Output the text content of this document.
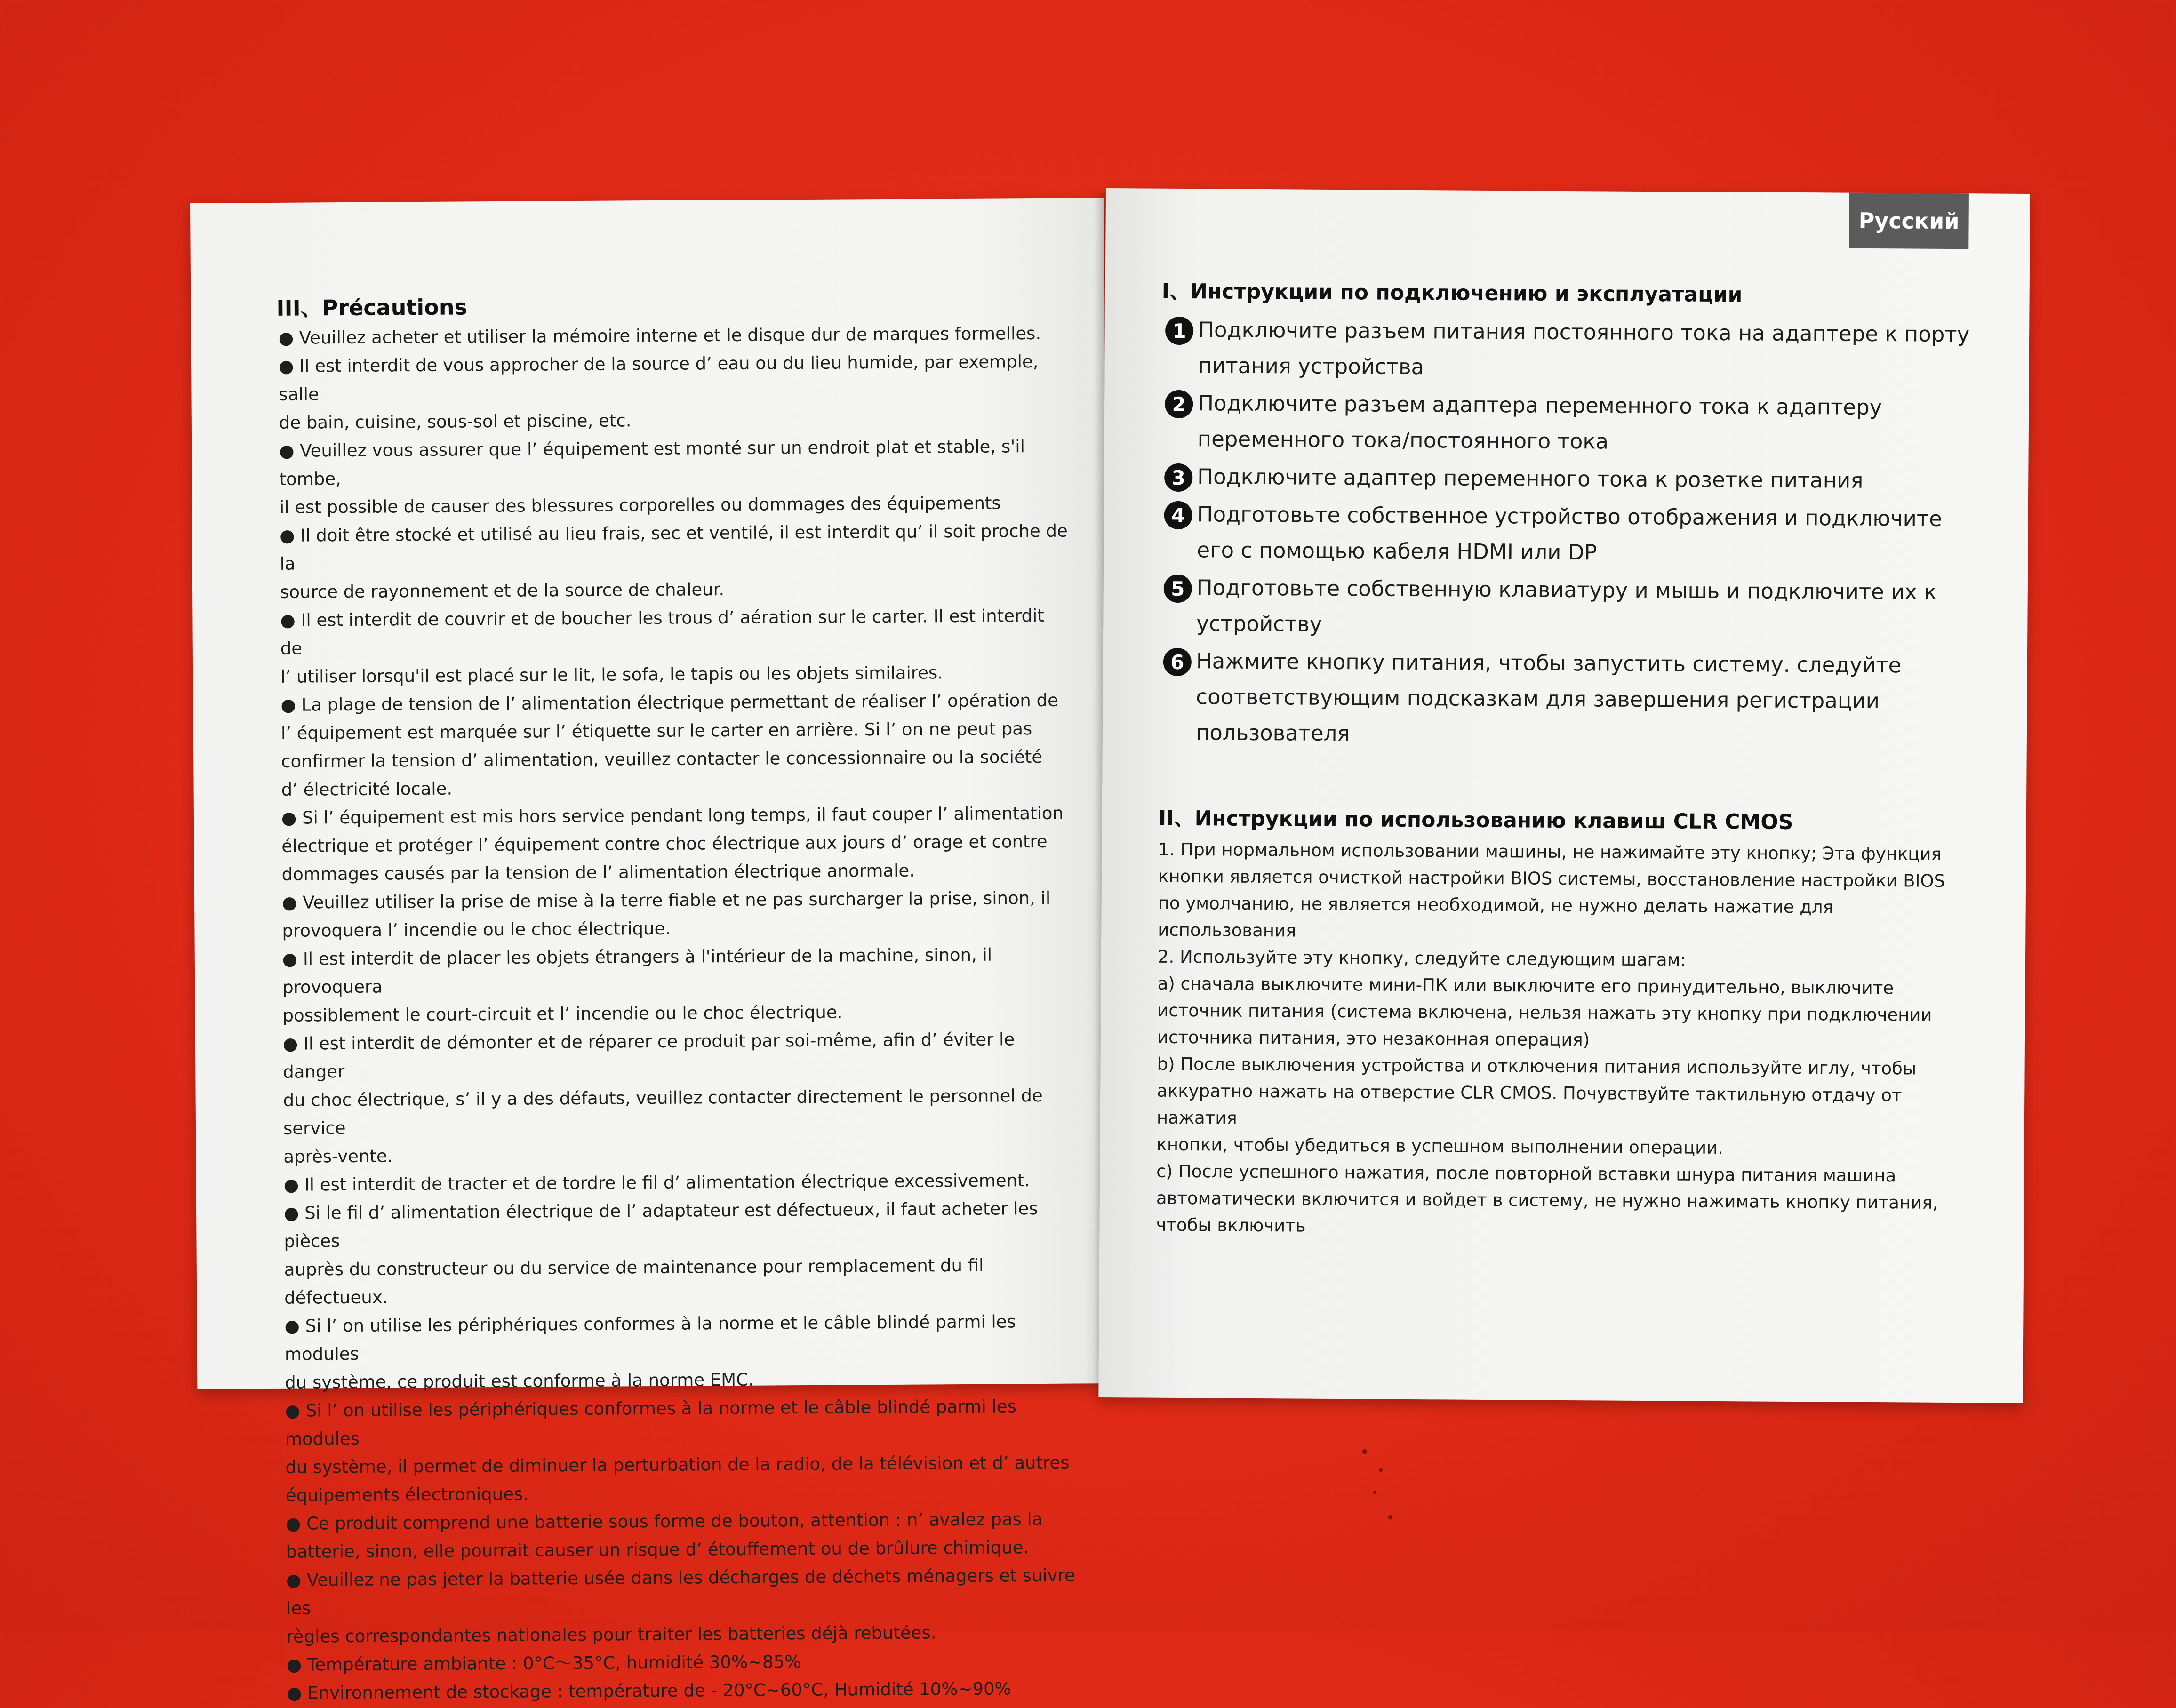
III、Précautions

● Veuillez acheter et utiliser la mémoire interne et le disque dur de marques formelles.

● Il est interdit de vous approcher de la source d’ eau ou du lieu humide, par exemple, salle

de bain, cuisine, sous-sol et piscine, etc.

● Veuillez vous assurer que l’ équipement est monté sur un endroit plat et stable, s'il tombe,

il est possible de causer des blessures corporelles ou dommages des équipements

● Il doit être stocké et utilisé au lieu frais, sec et ventilé, il est interdit qu’ il soit proche de la

source de rayonnement et de la source de chaleur.

● Il est interdit de couvrir et de boucher les trous d’ aération sur le carter. Il est interdit de

l’ utiliser lorsqu'il est placé sur le lit, le sofa, le tapis ou les objets similaires.

● La plage de tension de l’ alimentation électrique permettant de réaliser l’ opération de

l’ équipement est marquée sur l’ étiquette sur le carter en arrière. Si l’ on ne peut pas

confirmer la tension d’ alimentation, veuillez contacter le concessionnaire ou la société

d’ électricité locale.

● Si l’ équipement est mis hors service pendant long temps, il faut couper l’ alimentation

électrique et protéger l’ équipement contre choc électrique aux jours d’ orage et contre

dommages causés par la tension de l’ alimentation électrique anormale.

● Veuillez utiliser la prise de mise à la terre fiable et ne pas surcharger la prise, sinon, il

provoquera l’ incendie ou le choc électrique.

● Il est interdit de placer les objets étrangers à l'intérieur de la machine, sinon, il provoquera

possiblement le court-circuit et l’ incendie ou le choc électrique.

● Il est interdit de démonter et de réparer ce produit par soi-même, afin d’ éviter le danger

du choc électrique, s’ il y a des défauts, veuillez contacter directement le personnel de service

après-vente.

● Il est interdit de tracter et de tordre le fil d’ alimentation électrique excessivement.

● Si le fil d’ alimentation électrique de l’ adaptateur est défectueux, il faut acheter les pièces

auprès du constructeur ou du service de maintenance pour remplacement du fil défectueux.

● Si l’ on utilise les périphériques conformes à la norme et le câble blindé parmi les modules

du système, ce produit est conforme à la norme EMC.

● Si l’ on utilise les périphériques conformes à la norme et le câble blindé parmi les modules

du système, il permet de diminuer la perturbation de la radio, de la télévision et d’ autres

équipements électroniques.

● Ce produit comprend une batterie sous forme de bouton, attention : n’ avalez pas la

batterie, sinon, elle pourrait causer un risque d’ étouffement ou de brûlure chimique.

● Veuillez ne pas jeter la batterie usée dans les décharges de déchets ménagers et suivre les

règles correspondantes nationales pour traiter les batteries déjà rebutées.

● Température ambiante : 0°C～35°C, humidité 30%~85%

● Environnement de stockage : température de - 20°C~60°C, Humidité 10%~90%

Русский
I、Инструкции по подключению и эксплуатации
1 Подключите разъем питания постоянного тока на адаптере к порту питания устройства
2 Подключите разъем адаптера переменного тока к адаптеру переменного тока/постоянного тока
3 Подключите адаптер переменного тока к розетке питания
4 Подготовьте собственное устройство отображения и подключите его с помощью кабеля HDMI или DP
5 Подготовьте собственную клавиатуру и мышь и подключите их к устройству
6 Нажмите кнопку питания, чтобы запустить систему. следуйте соответствующим подсказкам для завершения регистрации пользователя
II、Инструкции по использованию клавиш CLR CMOS

1. При нормальном использовании машины, не нажимайте эту кнопку; Эта функция

кнопки является очисткой настройки BIOS системы, восстановление настройки BIOS

по умолчанию, не является необходимой, не нужно делать нажатие для использования

2. Используйте эту кнопку, следуйте следующим шагам:

a) сначала выключите мини-ПК или выключите его принудительно, выключите

источник питания (система включена, нельзя нажать эту кнопку при подключении

источника питания, это незаконная операция)

b) После выключения устройства и отключения питания используйте иглу, чтобы

аккуратно нажать на отверстие CLR CMOS. Почувствуйте тактильную отдачу от нажатия

кнопки, чтобы убедиться в успешном выполнении операции.

c) После успешного нажатия, после повторной вставки шнура питания машина

автоматически включится и войдет в систему, не нужно нажимать кнопку питания,

чтобы включить
